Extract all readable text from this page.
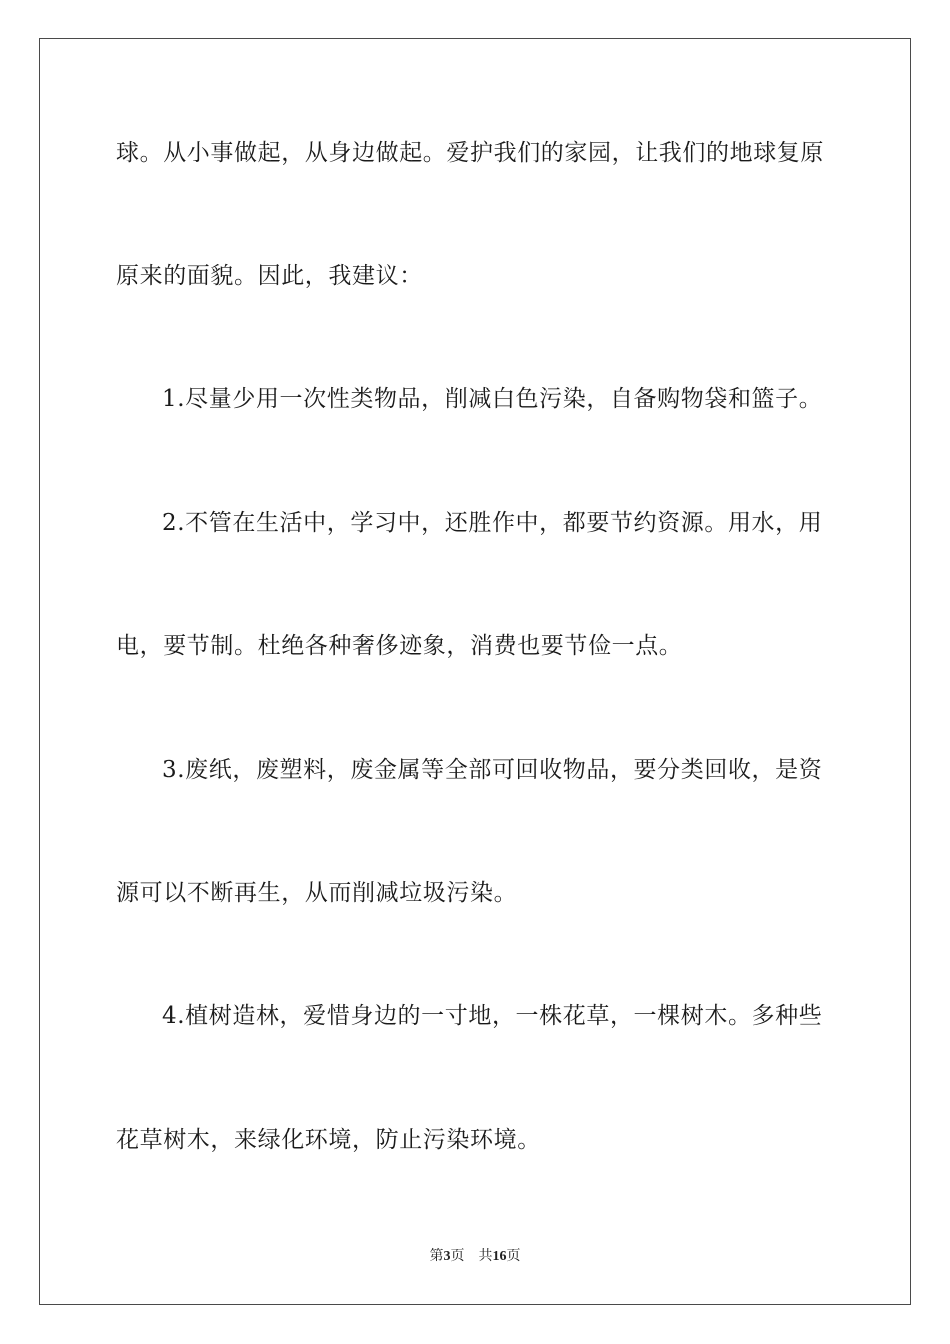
球。从小事做起，从身边做起。爱护我们的家园，让我们的地球复原
原来的面貌。因此，我建议：
1.尽量少用一次性类物品，削减白色污染，自备购物袋和篮子。
2.不管在生活中，学习中，还胜作中，都要节约资源。用水，用
电，要节制。杜绝各种奢侈迹象，消费也要节俭一点。
3.废纸，废塑料，废金属等全部可回收物品，要分类回收，是资
源可以不断再生，从而削减垃圾污染。
4.植树造林，爱惜身边的一寸地，一株花草，一棵树木。多种些
花草树木，来绿化环境，防止污染环境。
第3页 共16页
